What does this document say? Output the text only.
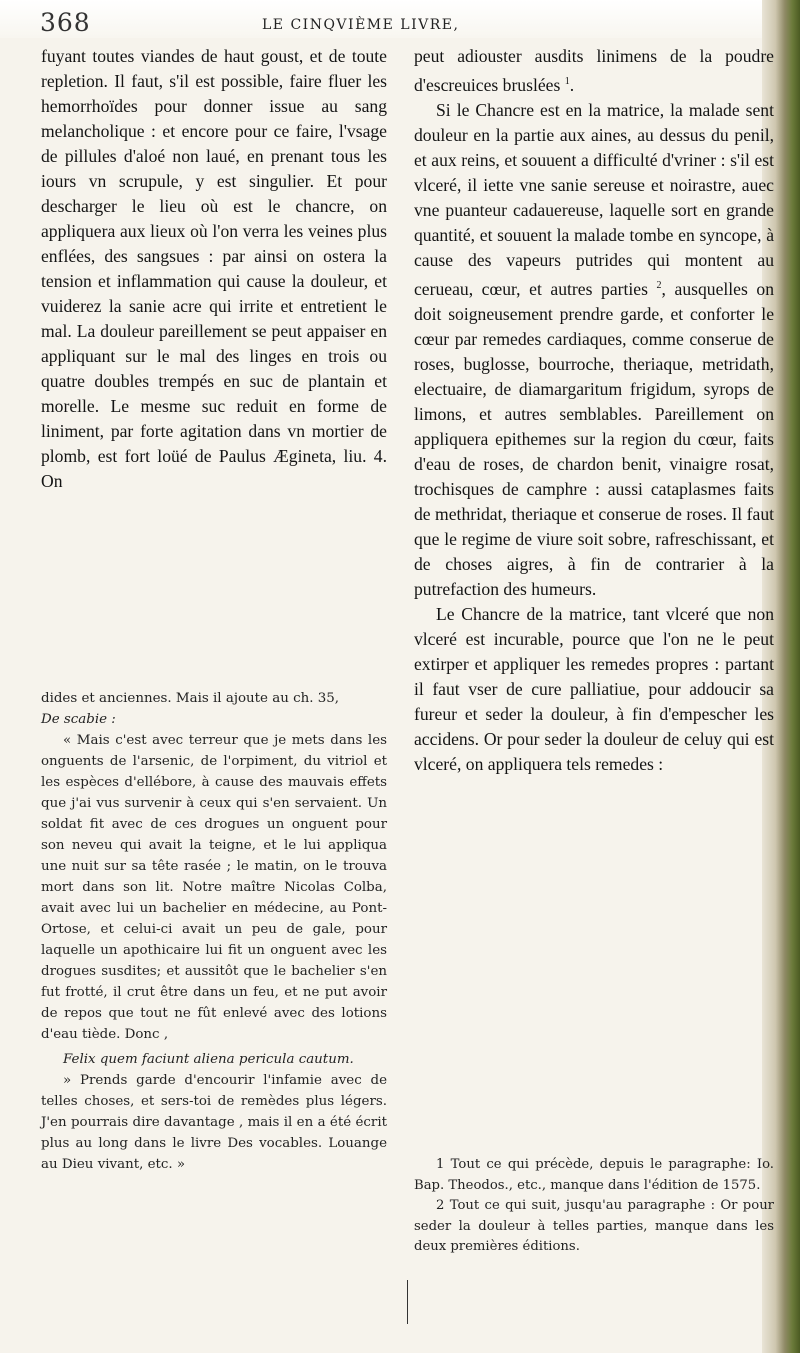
368	LE CINQVIÈME LIVRE,

fuyant toutes viandes de haut goust, et de toute repletion. Il faut, s'il est possible, faire fluer les hemorrhoïdes pour donner issue au sang melancholique : et encore pour ce faire, l'vsage de pillules d'aloé non laué, en prenant tous les iours vn scrupule, y est singulier. Et pour descharger le lieu où est le chancre, on appliquera aux lieux où l'on verra les veines plus enflées, des sangsues : par ainsi on ostera la tension et inflammation qui cause la douleur, et vuiderez la sanie acre qui irrite et entretient le mal. La douleur pareillement se peut appaiser en appliquant sur le mal des linges en trois ou quatre doubles trempés en suc de plantain et morelle. Le mesme suc reduit en forme de liniment, par forte agitation dans vn mortier de plomb, est fort loüé de Paulus Æginetа, liu. 4. On

dides et anciennes. Mais il ajoute au ch. 35,
De scabie :

« Mais c'est avec terreur que je mets dans les onguents de l'arsenic, de l'orpiment, du vitriol et les espèces d'ellébore, à cause des mauvais effets que j'ai vus survenir à ceux qui s'en servaient. Un soldat fit avec de ces drogues un onguent pour son neveu qui avait la teigne, et le lui appliqua une nuit sur sa tête rasée ; le matin, on le trouva mort dans son lit. Notre maître Nicolas Colba, avait avec lui un bachelier en médecine, au Pont-Ortose, et celui-ci avait un peu de gale, pour laquelle un apothicaire lui fit un onguent avec les drogues susdites; et aussitôt que le bachelier s'en fut frotté, il crut être dans un feu, et ne put avoir de repos que tout ne fût enlevé avec des lotions d'eau tiède. Donc ,

Felix quem faciunt aliena pericula cautum.

» Prends garde d'encourir l'infamie avec de telles choses, et sers-toi de remèdes plus légers. J'en pourrais dire davantage , mais il en a été écrit plus au long dans le livre Des vocables. Louange au Dieu vivant, etc. »

peut adiouster ausdits linimens de la poudre d'escreuices bruslées $^1$.

Si le Chancre est en la matrice, la malade sent douleur en la partie aux aines, au dessus du penil, et aux reins, et souuent a difficulté d'vriner : s'il est vlceré, il iette vne sanie sereuse et noirastre, auec vne puanteur cadauereuse, laquelle sort en grande quantité, et souuent la malade tombe en syncope, à cause des vapeurs putrides qui montent au cerueau, cœur, et autres parties $^2$, ausquelles on doit soigneusement prendre garde, et conforter le cœur par remedes cardiaques, comme conserue de roses, buglosse, bourroche, theriaque, metridath, electuaire, de diamargaritum frigidum, syrops de limons, et autres semblables. Pareillement on appliquera epithemes sur la region du cœur, faits d'eau de roses, de chardon benit, vinaigre rosat, trochisques de camphre : aussi cataplasmes faits de methridat, theriaque et conserue de roses. Il faut que le regime de viure soit sobre, rafreschissant, et de choses aigres, à fin de contrarier à la putrefaction des humeurs.

Le Chancre de la matrice, tant vlceré que non vlceré est incurable, pource que l'on ne le peut extirper et appliquer les remedes propres : partant il faut vser de cure palliatiue, pour addoucir sa fureur et seder la douleur, à fin d'empescher les accidens. Or pour seder la douleur de celuy qui est vlceré, on appliquera tels remedes :

1 Tout ce qui précède, depuis le paragraphe: Io. Bap. Theodos., etc., manque dans l'édition de 1575.

2 Tout ce qui suit, jusqu'au paragraphe : Or pour seder la douleur à telles parties, manque dans les deux premières éditions.
